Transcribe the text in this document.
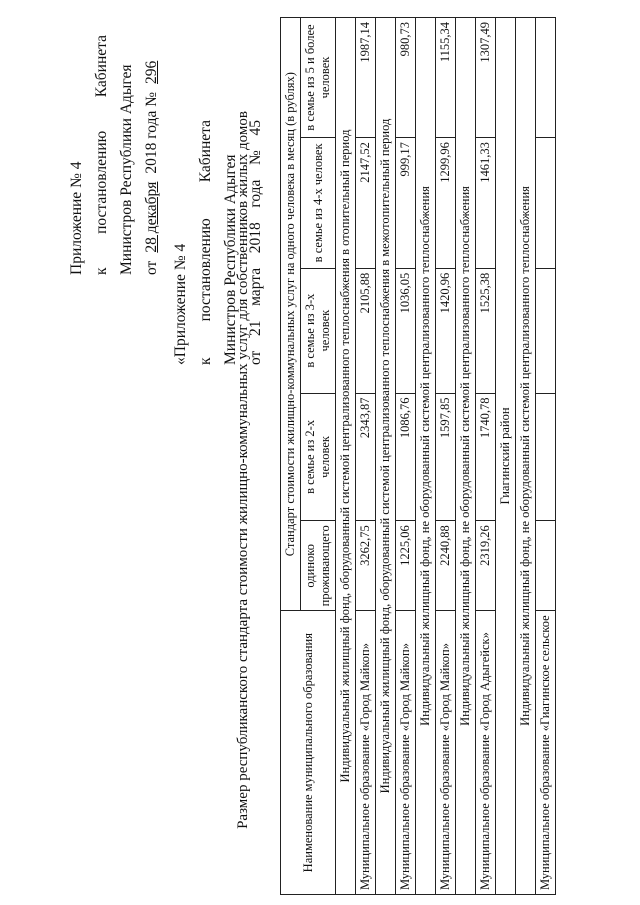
Приложение № 4 к
постановлению
Кабинета Министров Республики Адыгея от
28 декабря
2018 года №
296
«Приложение № 4 к
постановлению
Кабинета
Министров Республики Адыгея от
21
марта
2018
года
№
45
Размер республиканского стандарта стоимости жилищно-коммунальных услуг для собственников жилых домов	Наименование муниципального образования	Стандарт стоимости жилищно-коммунальных услуг на одного человека в месяц (в рублях)				
	одиноко проживающего	в семье из 2-х человек	в семье из 3-х человек	в семье из 4-х человек	в семье из 5 и более человек
Индивидуальный жилищный фонд, оборудованный системой централизованного теплоснабжения в отопительный период					
Муниципальное образование «Город Майкоп»	3262,75	2343,87	2105,88	2147,52	1987,14
Индивидуальный жилищный фонд, оборудованный системой централизованного теплоснабжения в межотопительный период					
Муниципальное образование «Город Майкоп»	1225,06	1086,76	1036,05	999,17	980,73
Индивидуальный жилищный фонд, не оборудованный системой централизованного теплоснабжения					
Муниципальное образование «Город Майкоп»	2240,88	1597,85	1420,96	1299,96	1155,34
Индивидуальный жилищный фонд, не оборудованный системой централизованного теплоснабжения					
Муниципальное образование «Город Адыгейск»	2319,26	1740,78	1525,38	1461,33	1307,49
Гиагинский район					
Индивидуальный жилищный фонд, не оборудованный системой централизованного теплоснабжения					
Муниципальное образование «Гиагинское сельское					
